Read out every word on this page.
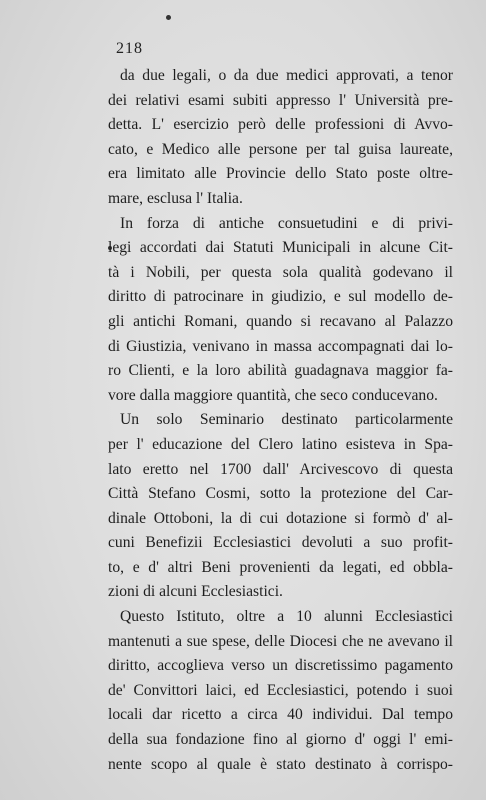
218
da due legali, o da due medici approvati, a tenor
dei relativi esami subiti appresso l' Università pre-
detta. L' esercizio però delle professioni di Avvo-
cato, e Medico alle persone per tal guisa laureate,
era limitato alle Provincie dello Stato poste oltre-
mare, esclusa l' Italia.
In forza di antiche consuetudini e di privi-
legi accordati dai Statuti Municipali in alcune Cit-
tà i Nobili, per questa sola qualità godevano il
diritto di patrocinare in giudizio, e sul modello de-
gli antichi Romani, quando si recavano al Palazzo
di Giustizia, venivano in massa accompagnati dai lo-
ro Clienti, e la loro abilità guadagnava maggior fa-
vore dalla maggiore quantità, che seco conducevano.
Un solo Seminario destinato particolarmente
per l' educazione del Clero latino esisteva in Spa-
lato eretto nel 1700 dall' Arcivescovo di questa
Città Stefano Cosmi, sotto la protezione del Car-
dinale Ottoboni, la di cui dotazione si formò d' al-
cuni Benefizii Ecclesiastici devoluti a suo profit-
to, e d' altri Beni provenienti da legati, ed obbla-
zioni di alcuni Ecclesiastici.
Questo Istituto, oltre a 10 alunni Ecclesiastici
mantenuti a sue spese, delle Diocesi che ne avevano il
diritto, accoglieva verso un discretissimo pagamento
de' Convittori laici, ed Ecclesiastici, potendo i suoi
locali dar ricetto a circa 40 individui. Dal tempo
della sua fondazione fino al giorno d' oggi l' emi-
nente scopo al quale è stato destinato à corrispo-
